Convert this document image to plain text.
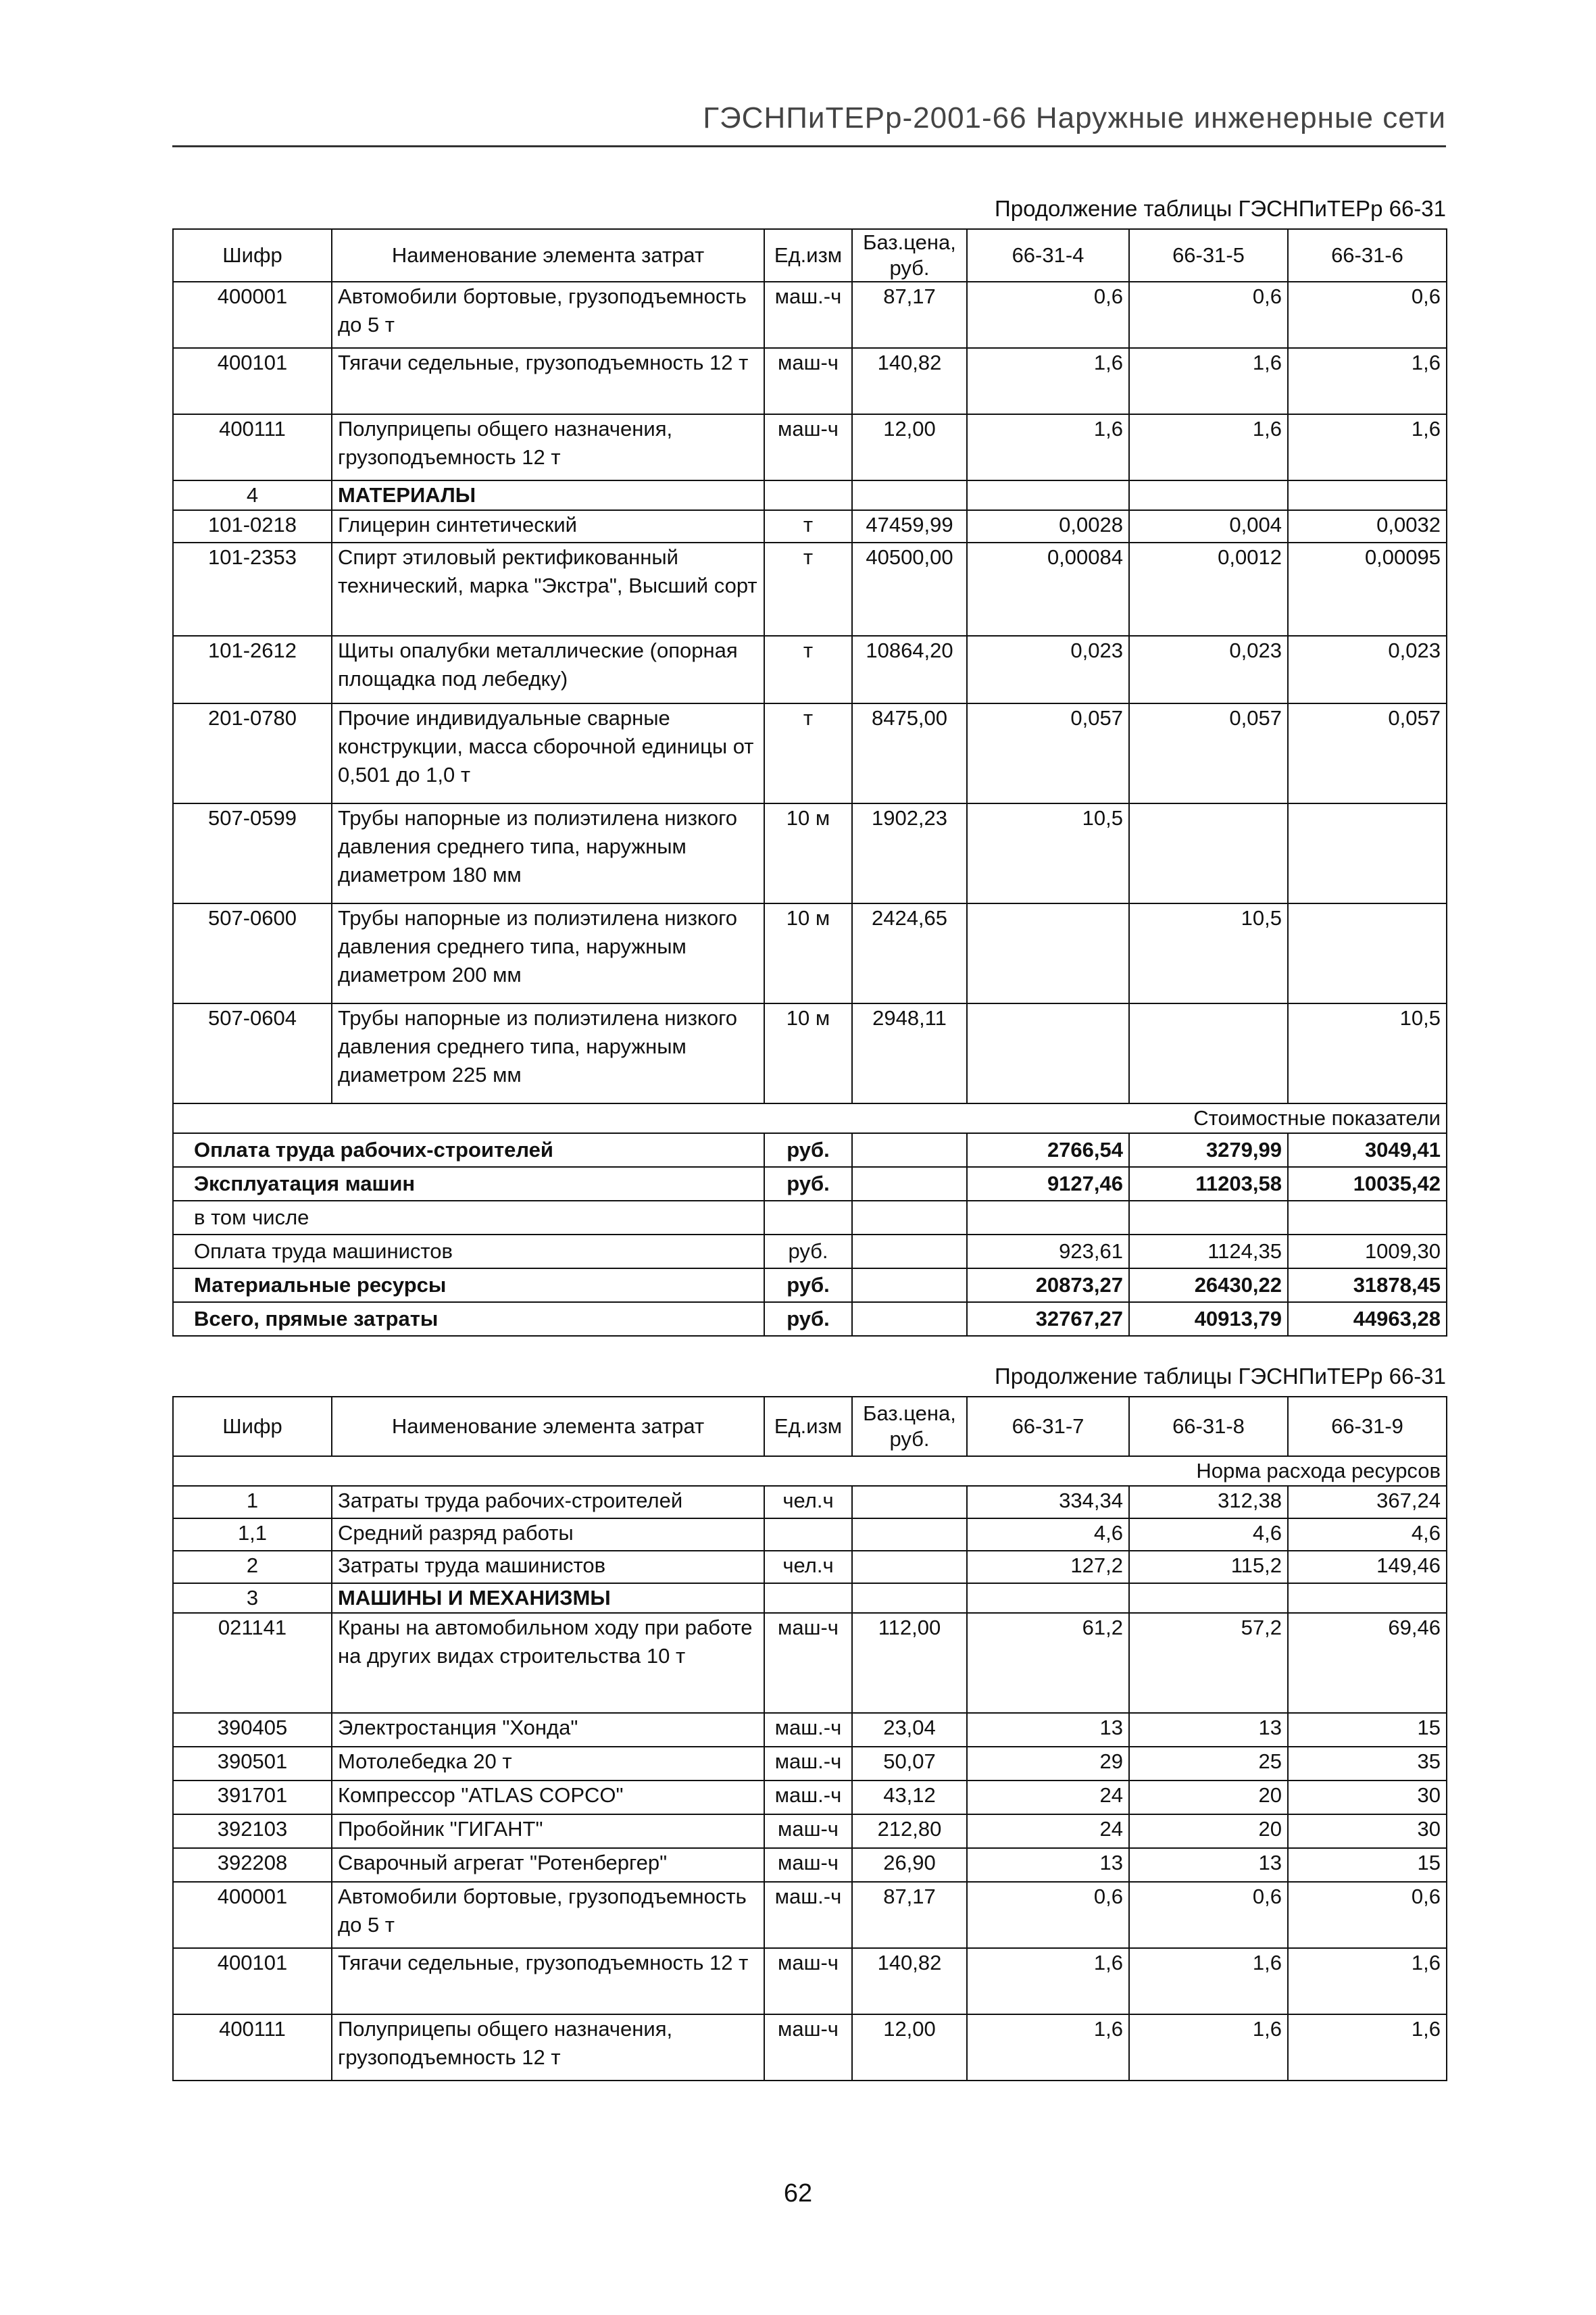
ГЭСНПиТЕРр-2001-66 Наружные инженерные сети
Продолжение таблицы ГЭСНПиТЕРр 66-31
Шифр	Наименование элемента затрат	Ед.изм	Баз.цена, руб.	66-31-4	66-31-5	66-31-6
400001	Автомобили бортовые, грузоподъемность до 5 т	маш.-ч	87,17	0,6	0,6	0,6
400101	Тягачи седельные, грузоподъемность 12 т	маш-ч	140,82	1,6	1,6	1,6
400111	Полуприцепы общего назначения, грузоподъемность 12 т	маш-ч	12,00	1,6	1,6	1,6
4	МАТЕРИАЛЫ					
101-0218	Глицерин синтетический	т	47459,99	0,0028	0,004	0,0032
101-2353	Спирт этиловый ректификованный технический, марка "Экстра", Высший сорт	т	40500,00	0,00084	0,0012	0,00095
101-2612	Щиты опалубки металлические (опорная площадка под лебедку)	т	10864,20	0,023	0,023	0,023
201-0780	Прочие индивидуальные сварные конструкции, масса сборочной единицы от 0,501 до 1,0 т	т	8475,00	0,057	0,057	0,057
507-0599	Трубы напорные из полиэтилена низкого давления среднего типа, наружным диаметром 180 мм	10 м	1902,23	10,5		
507-0600	Трубы напорные из полиэтилена низкого давления среднего типа, наружным диаметром 200 мм	10 м	2424,65		10,5	
507-0604	Трубы напорные из полиэтилена низкого давления среднего типа, наружным диаметром 225 мм	10 м	2948,11			10,5
Стоимостные показатели						
Оплата труда рабочих-строителей		руб.		2766,54	3279,99	3049,41
Эксплуатация машин		руб.		9127,46	11203,58	10035,42
в том числе						
Оплата труда машинистов		руб.		923,61	1124,35	1009,30
Материальные ресурсы		руб.		20873,27	26430,22	31878,45
Всего, прямые затраты		руб.		32767,27	40913,79	44963,28
Продолжение таблицы ГЭСНПиТЕРр 66-31
Шифр	Наименование элемента затрат	Ед.изм	Баз.цена, руб.	66-31-7	66-31-8	66-31-9
Норма расхода ресурсов						
1	Затраты труда рабочих-строителей	чел.ч		334,34	312,38	367,24
1,1	Средний разряд работы			4,6	4,6	4,6
2	Затраты труда машинистов	чел.ч		127,2	115,2	149,46
3	МАШИНЫ И МЕХАНИЗМЫ					
021141	Краны на автомобильном ходу при работе на других видах строительства 10 т	маш-ч	112,00	61,2	57,2	69,46
390405	Электростанция "Хонда"	маш.-ч	23,04	13	13	15
390501	Мотолебедка 20 т	маш.-ч	50,07	29	25	35
391701	Компрессор "ATLAS COPCO"	маш.-ч	43,12	24	20	30
392103	Пробойник "ГИГАНТ"	маш-ч	212,80	24	20	30
392208	Сварочный агрегат "Ротенбергер"	маш-ч	26,90	13	13	15
400001	Автомобили бортовые, грузоподъемность до 5 т	маш.-ч	87,17	0,6	0,6	0,6
400101	Тягачи седельные, грузоподъемность 12 т	маш-ч	140,82	1,6	1,6	1,6
400111	Полуприцепы общего назначения, грузоподъемность 12 т	маш-ч	12,00	1,6	1,6	1,6
62
